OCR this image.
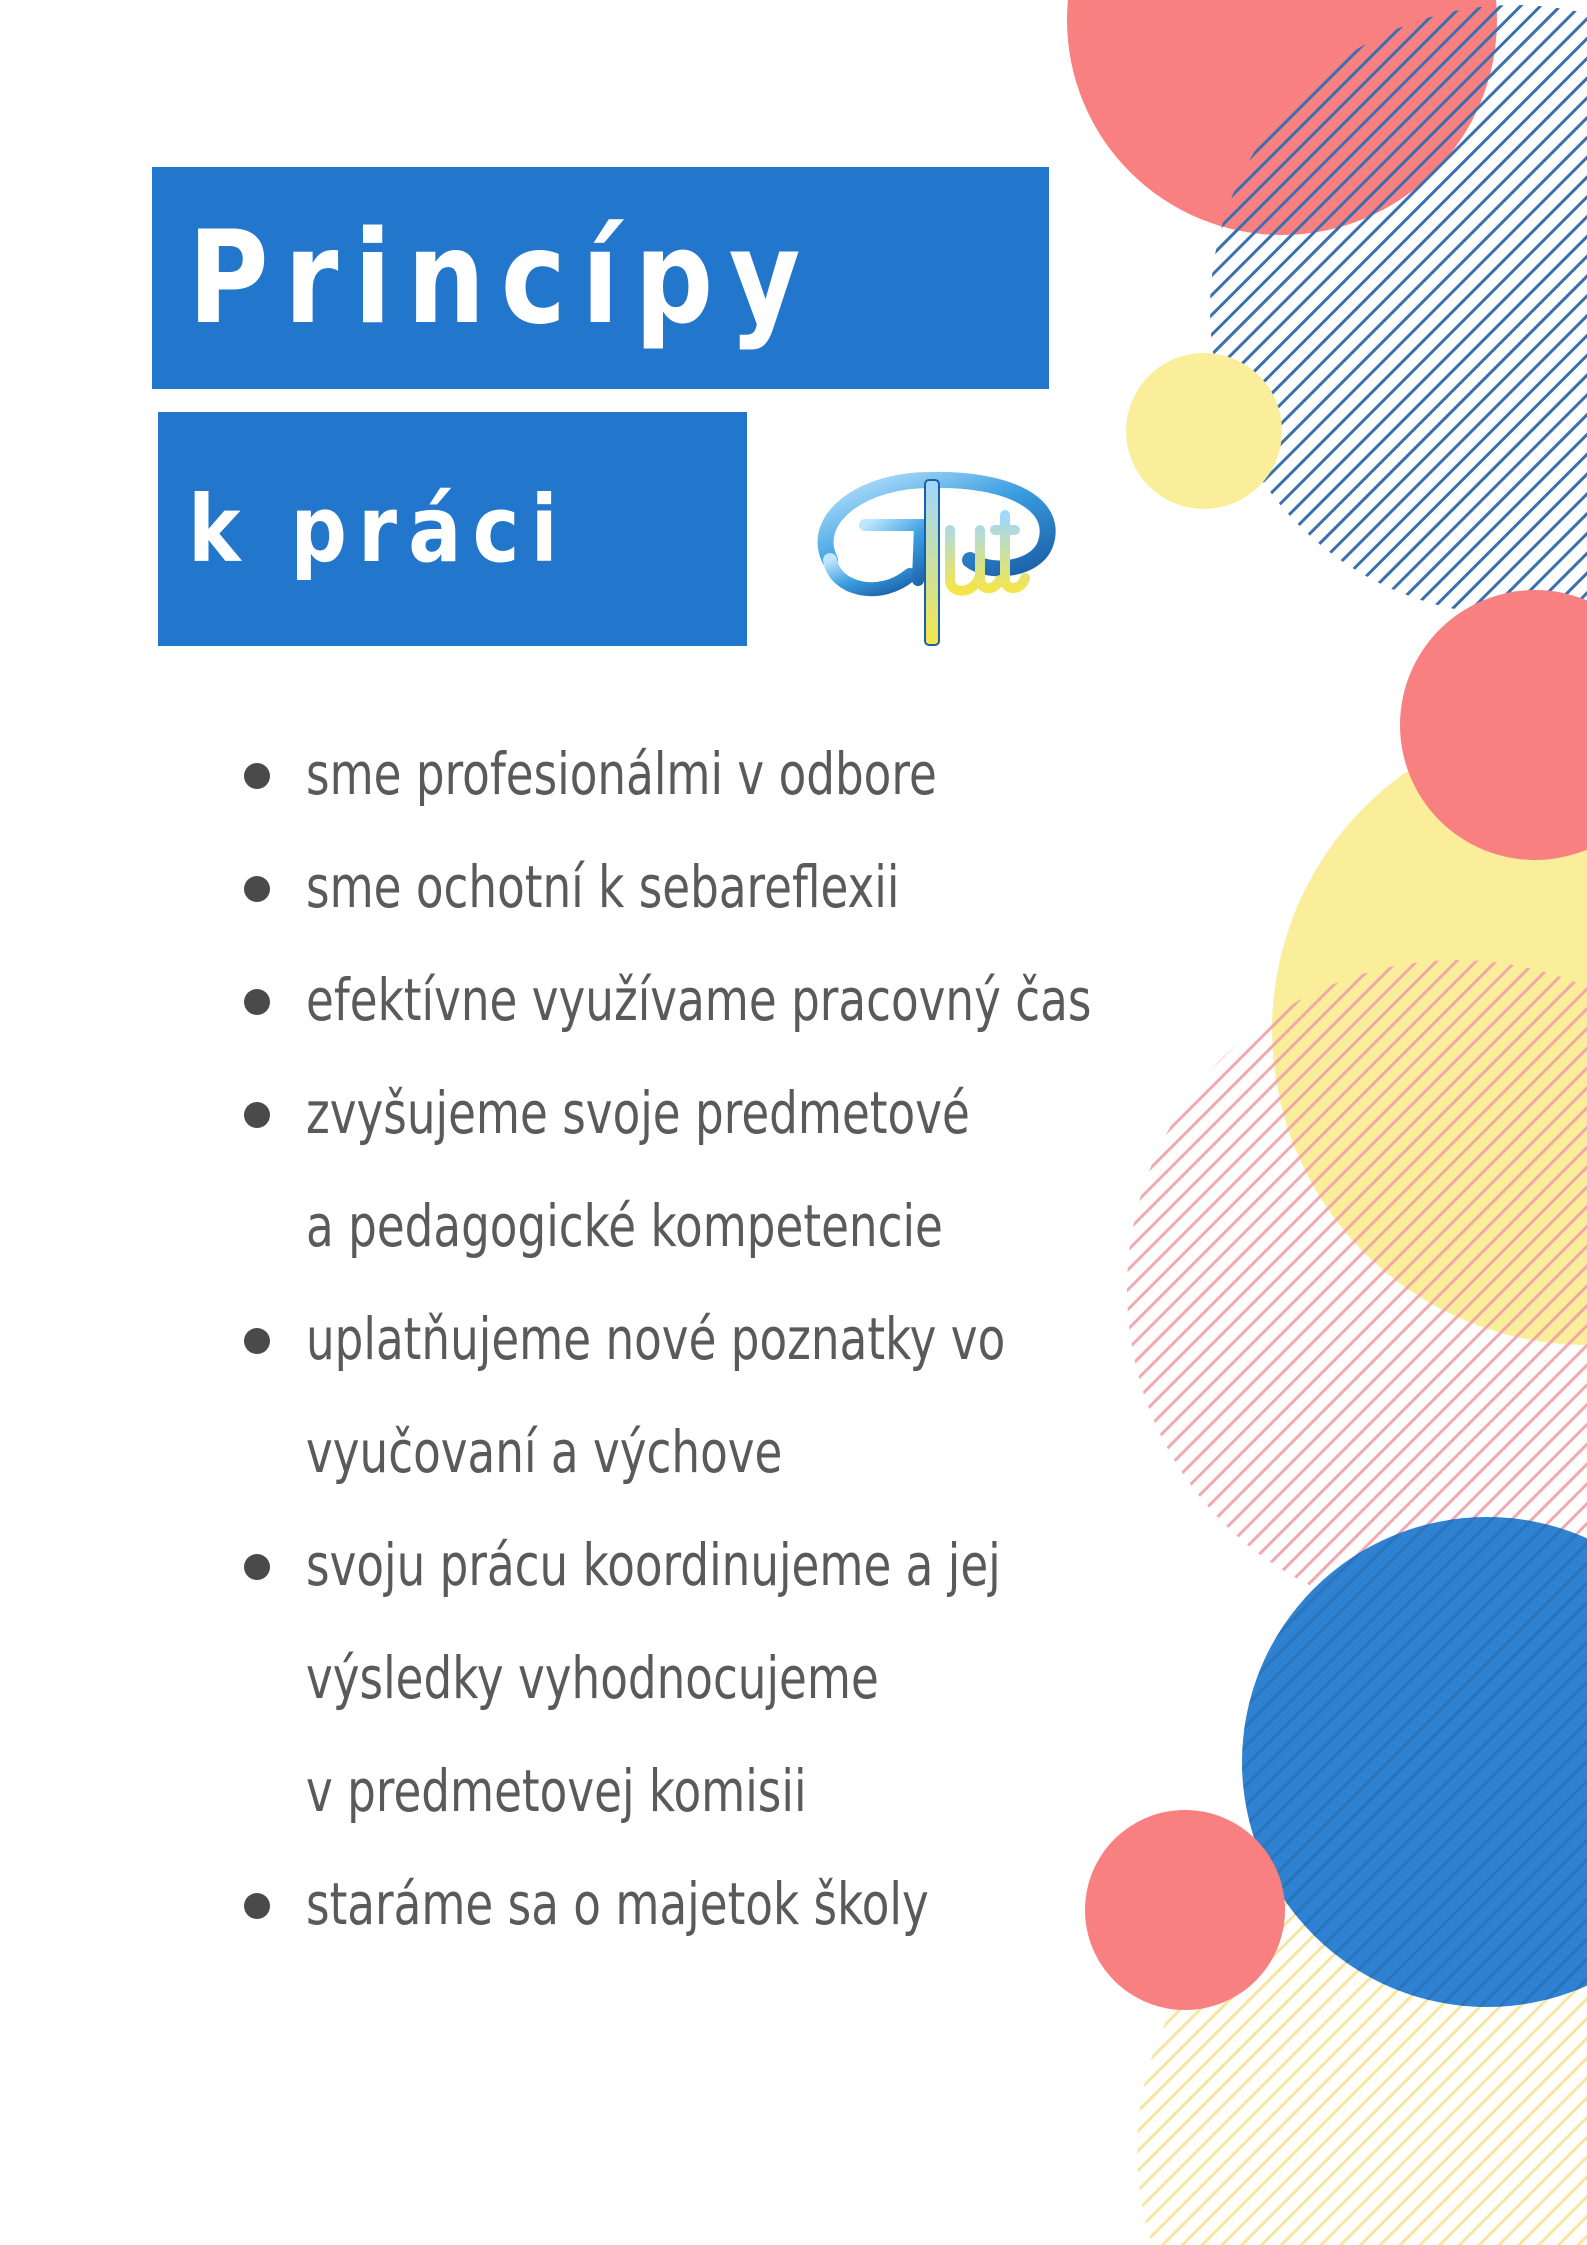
Princípy
k práci
sme profesionálmi v odbore
sme ochotní k sebareflexii
efektívne využívame pracovný čas
zvyšujeme svoje predmetové
a pedagogické kompetencie
uplatňujeme nové poznatky vo
vyučovaní a výchove
svoju prácu koordinujeme a jej
výsledky vyhodnocujeme
v predmetovej komisii
staráme sa o majetok školy
